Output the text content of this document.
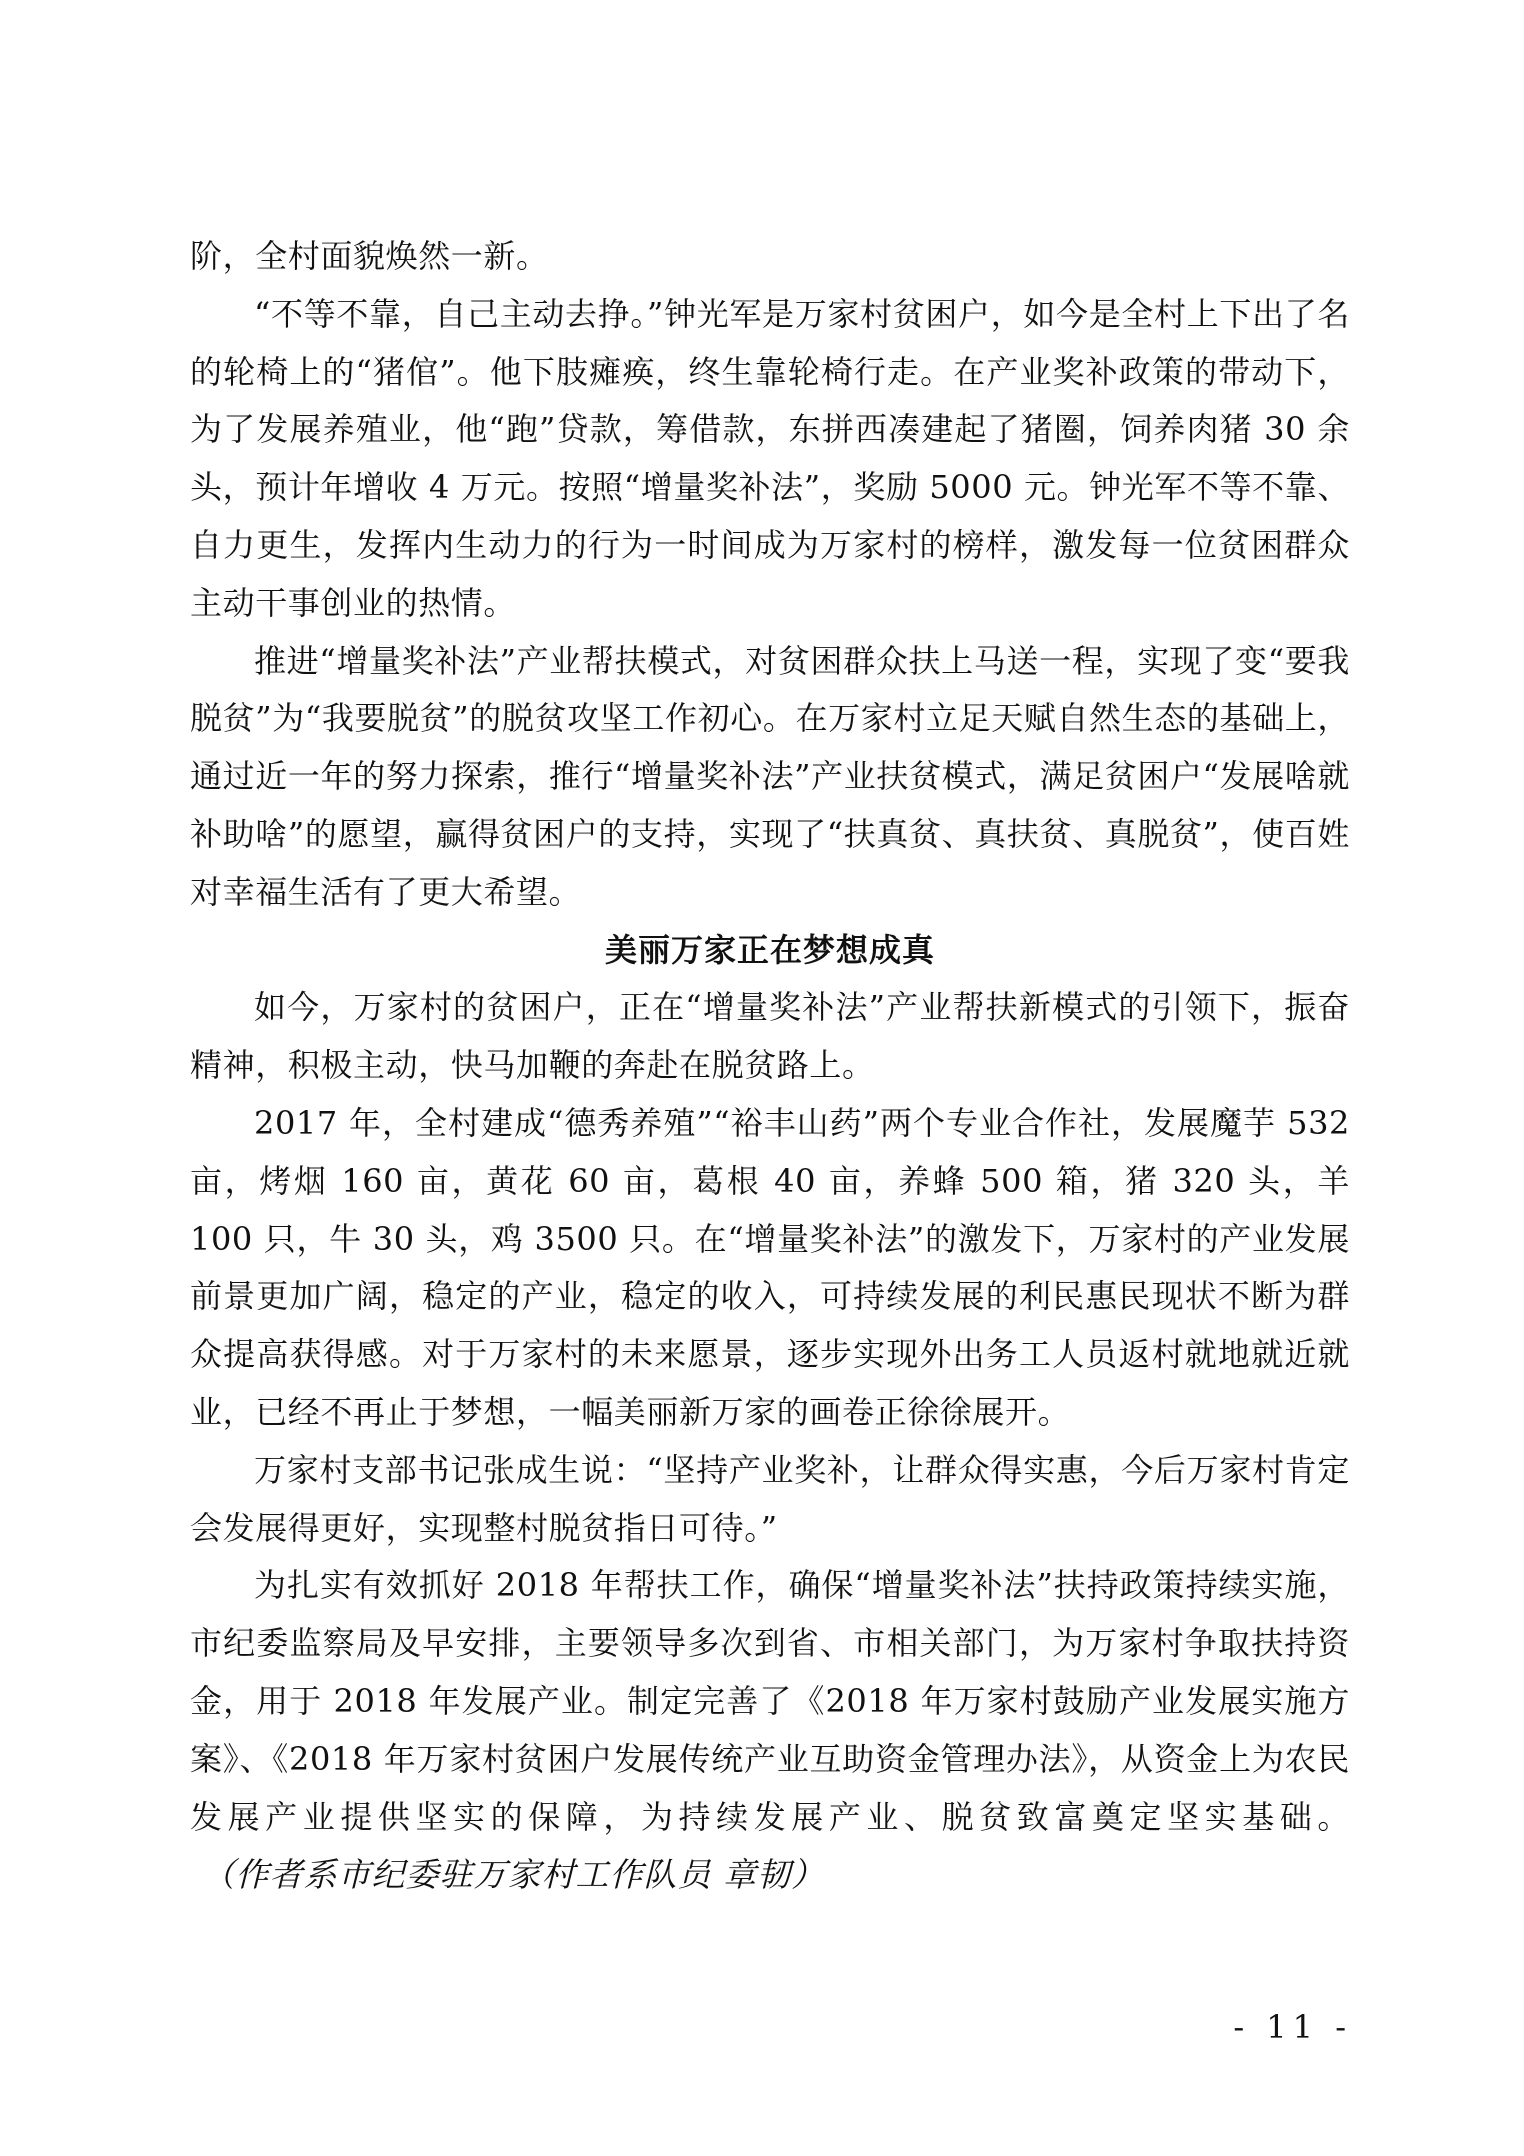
阶，全村面貌焕然一新。

“不等不靠，自己主动去挣。”钟光军是万家村贫困户，如今是全村上下出了名的轮椅上的“猪倌”。他下肢瘫痪，终生靠轮椅行走。在产业奖补政策的带动下，为了发展养殖业，他“跑”贷款，筹借款，东拼西凑建起了猪圈，饲养肉猪 30 余头，预计年增收 4 万元。按照“增量奖补法”，奖励 5000 元。钟光军不等不靠、自力更生，发挥内生动力的行为一时间成为万家村的榜样，激发每一位贫困群众主动干事创业的热情。

推进“增量奖补法”产业帮扶模式，对贫困群众扶上马送一程，实现了变“要我脱贫”为“我要脱贫”的脱贫攻坚工作初心。在万家村立足天赋自然生态的基础上，通过近一年的努力探索，推行“增量奖补法”产业扶贫模式，满足贫困户“发展啥就补助啥”的愿望，赢得贫困户的支持，实现了“扶真贫、真扶贫、真脱贫”，使百姓对幸福生活有了更大希望。

美丽万家正在梦想成真

如今，万家村的贫困户，正在“增量奖补法”产业帮扶新模式的引领下，振奋精神，积极主动，快马加鞭的奔赴在脱贫路上。

2017 年，全村建成“德秀养殖”“裕丰山药”两个专业合作社，发展魔芋 532 亩，烤烟 160 亩，黄花 60 亩，葛根 40 亩，养蜂 500 箱，猪 320 头，羊 100 只，牛 30 头，鸡 3500 只。在“增量奖补法”的激发下，万家村的产业发展前景更加广阔，稳定的产业，稳定的收入，可持续发展的利民惠民现状不断为群众提高获得感。对于万家村的未来愿景，逐步实现外出务工人员返村就地就近就业，已经不再止于梦想，一幅美丽新万家的画卷正徐徐展开。

万家村支部书记张成生说：“坚持产业奖补，让群众得实惠，今后万家村肯定会发展得更好，实现整村脱贫指日可待。”

为扎实有效抓好 2018 年帮扶工作，确保“增量奖补法”扶持政策持续实施，市纪委监察局及早安排，主要领导多次到省、市相关部门，为万家村争取扶持资金，用于 2018 年发展产业。制定完善了《2018 年万家村鼓励产业发展实施方案》、《2018 年万家村贫困户发展传统产业互助资金管理办法》，从资金上为农民发展产业提供坚实的保障，为持续发展产业、脱贫致富奠定坚实基础。（作者系市纪委驻万家村工作队员 章韧）

- 11 -
